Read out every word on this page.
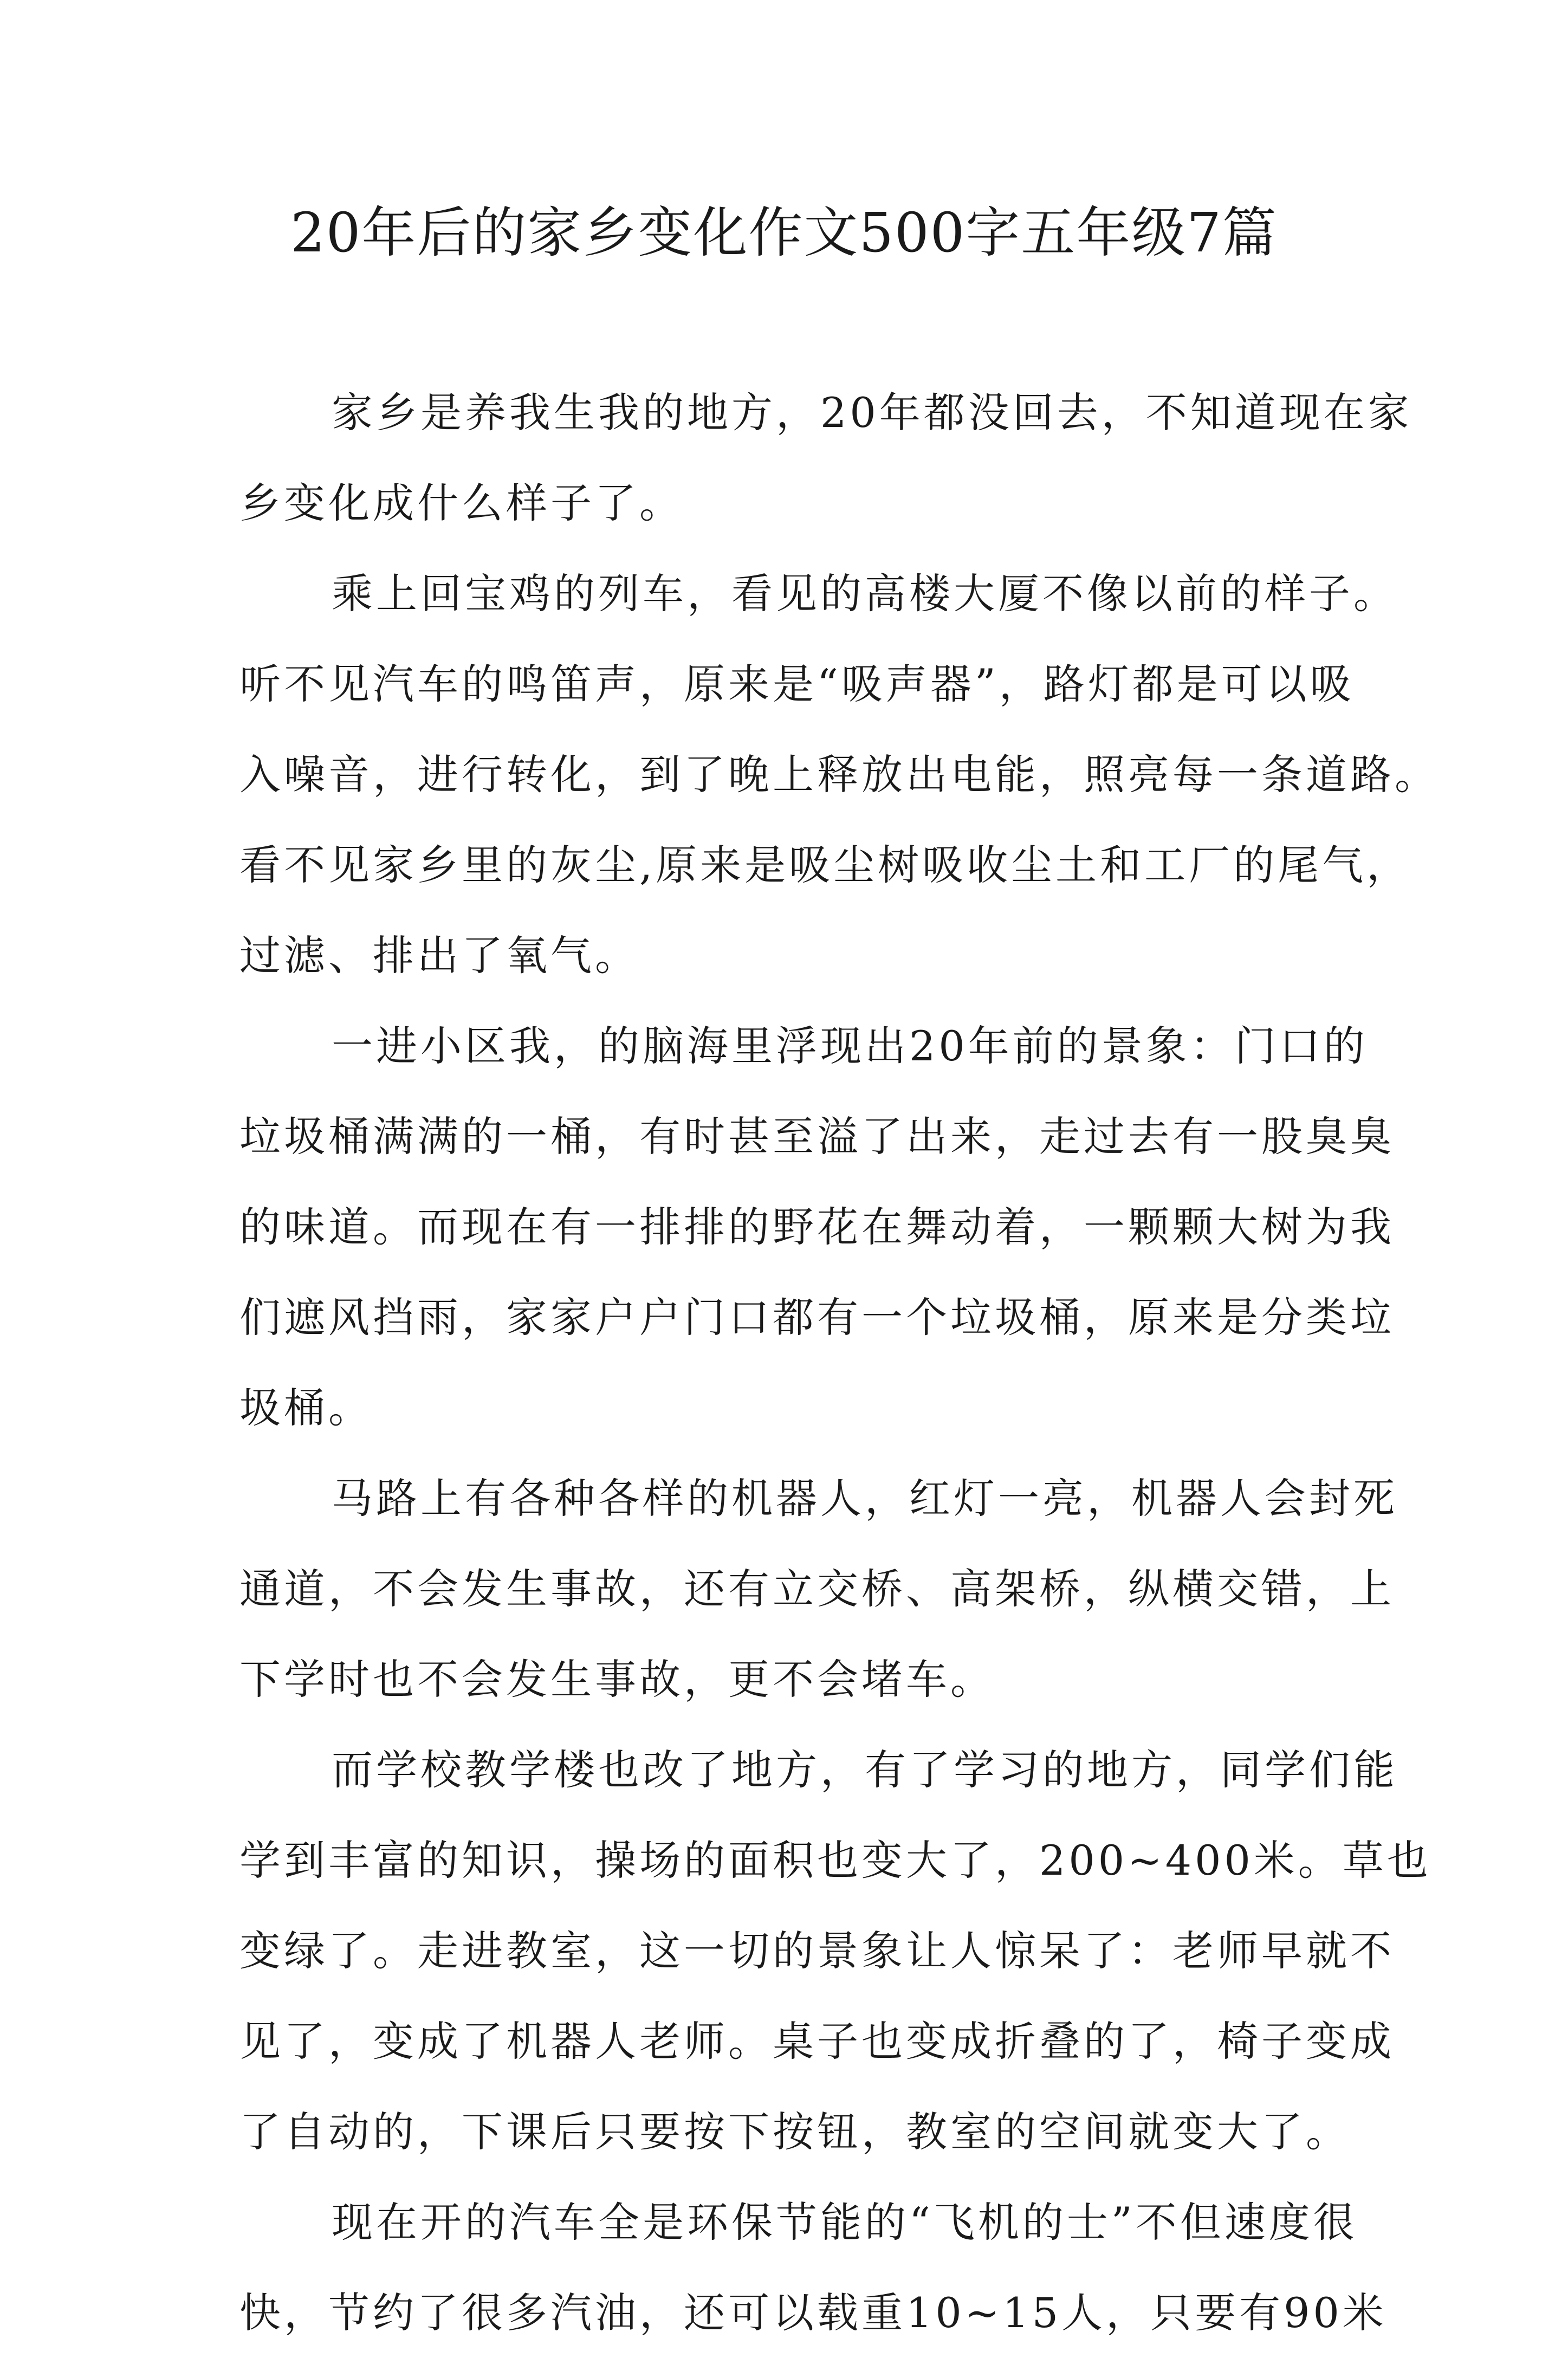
20年后的家乡变化作文500字五年级7篇
家乡是养我生我的地方，20年都没回去，不知道现在家
乡变化成什么样子了。
乘上回宝鸡的列车，看见的高楼大厦不像以前的样子。
听不见汽车的鸣笛声，原来是“吸声器”，路灯都是可以吸
入噪音，进行转化，到了晚上释放出电能，照亮每一条道路。
看不见家乡里的灰尘,原来是吸尘树吸收尘土和工厂的尾气，
过滤、排出了氧气。
一进小区我，的脑海里浮现出20年前的景象：门口的
垃圾桶满满的一桶，有时甚至溢了出来，走过去有一股臭臭
的味道。而现在有一排排的野花在舞动着，一颗颗大树为我
们遮风挡雨，家家户户门口都有一个垃圾桶，原来是分类垃
圾桶。
马路上有各种各样的机器人，红灯一亮，机器人会封死
通道，不会发生事故，还有立交桥、高架桥，纵横交错，上
下学时也不会发生事故，更不会堵车。
而学校教学楼也改了地方，有了学习的地方，同学们能
学到丰富的知识，操场的面积也变大了，200~400米。草也
变绿了。走进教室，这一切的景象让人惊呆了：老师早就不
见了，变成了机器人老师。桌子也变成折叠的了，椅子变成
了自动的，下课后只要按下按钮，教室的空间就变大了。
现在开的汽车全是环保节能的“飞机的士”不但速度很
快，节约了很多汽油，还可以载重10~15人，只要有90米
